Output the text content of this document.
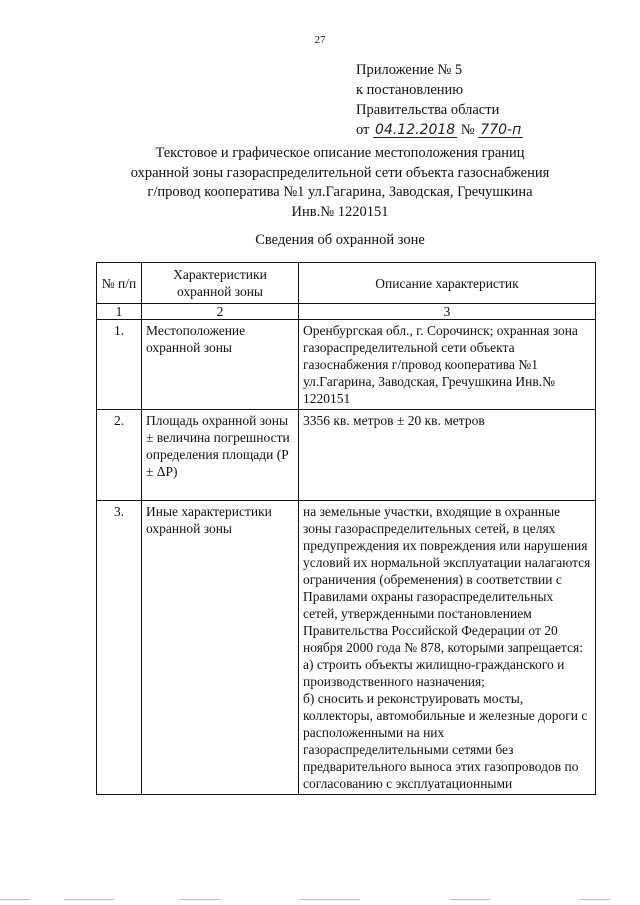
27
Приложение № 5
к постановлению
Правительства области
от 04.12.2018 № 770-п
Текстовое и графическое описание местоположения границ
охранной зоны газораспределительной сети объекта газоснабжения
г/провод кооператива №1 ул.Гагарина, Заводская, Гречушкина
Инв.№ 1220151
Сведения об охранной зоне
№ п/п	Характеристики охранной зоны	Описание характеристик
1	2	3
1.	Местоположение охранной зоны	Оренбургская обл., г. Сорочинск; охранная зона газораспределительной сети объекта газоснабжения г/провод кооператива №1 ул.Гагарина, Заводская, Гречушкина Инв.№ 1220151
2.	Площадь охранной зоны ± величина погрешности определения площади (Р ± ΔР)	3356 кв. метров ± 20 кв. метров
3.	Иные характеристики охранной зоны	на земельные участки, входящие в охранные зоны газораспределительных сетей, в целях предупреждения их повреждения или нарушения условий их нормальной эксплуатации налагаются ограничения (обременения) в соответствии с Правилами охраны газораспределительных сетей, утвержденными постановлением Правительства Российской Федерации от 20 ноября 2000 года № 878, которыми запрещается:
а) строить объекты жилищно-гражданского и производственного назначения;
б) сносить и реконструировать мосты, коллекторы, автомобильные и железные дороги с расположенными на них газораспределительными сетями без предварительного выноса этих газопроводов по согласованию с эксплуатационными
